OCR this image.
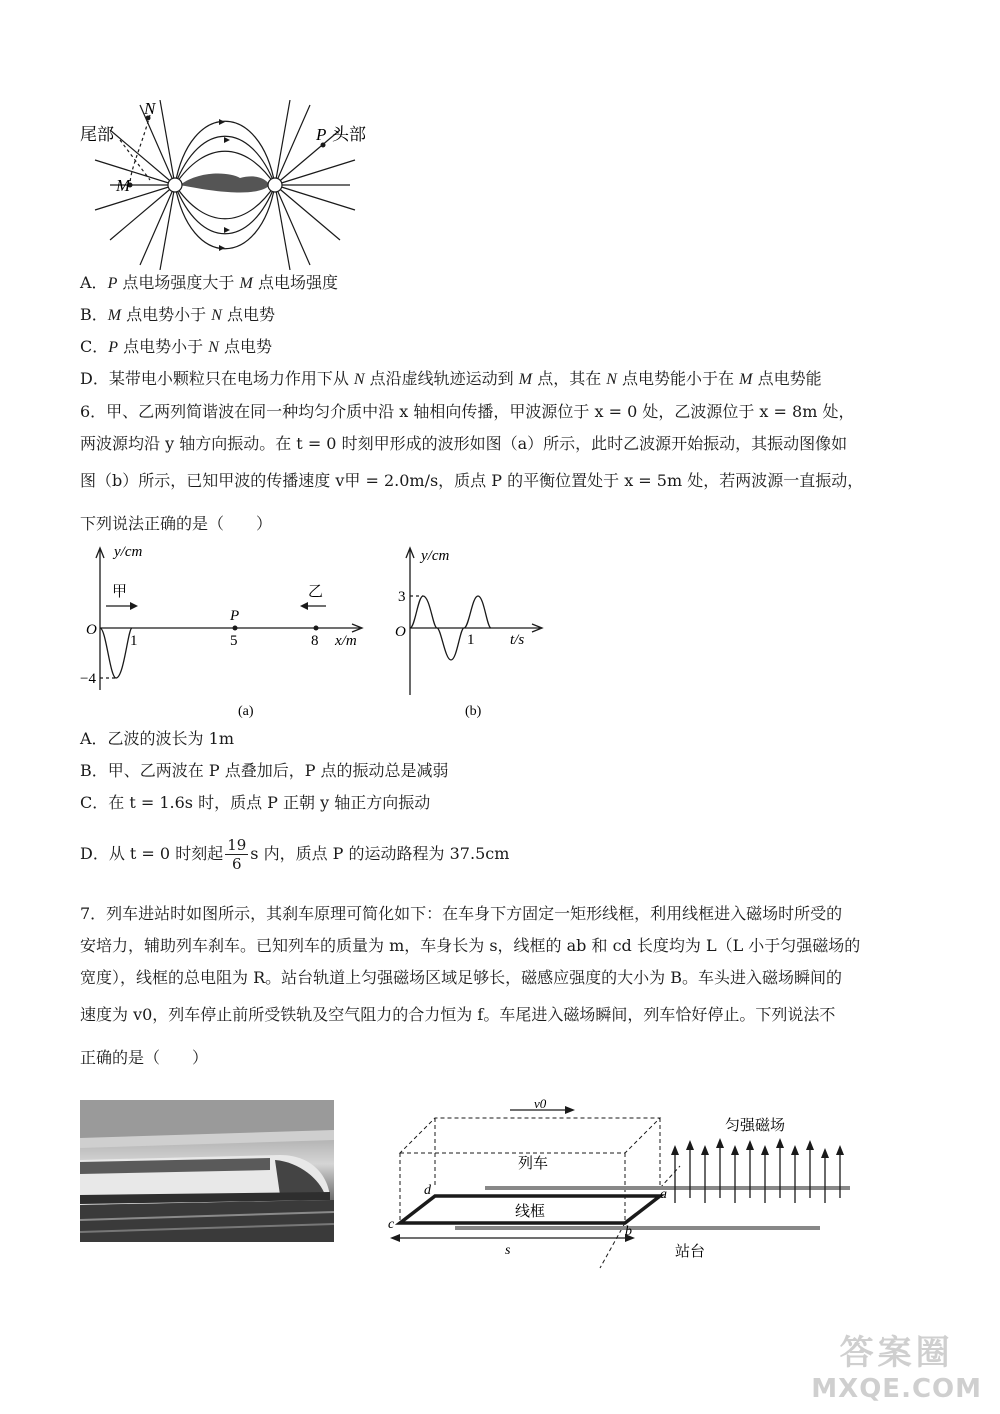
尾部
N
M
P 头部
A．P 点电场强度大于 M 点电场强度
B．M 点电势小于 N 点电势
C．P 点电势小于 N 点电势
D．某带电小颗粒只在电场力作用下从 N 点沿虚线轨迹运动到 M 点，其在 N 点电势能小于在 M 点电势能
6．甲、乙两列简谐波在同一种均匀介质中沿 x 轴相向传播，甲波源位于 x = 0 处，乙波源位于 x = 8m 处，
两波源均沿 y 轴方向振动。在 t = 0 时刻甲形成的波形如图（a）所示，此时乙波源开始振动，其振动图像如
图（b）所示，已知甲波的传播速度 v甲 = 2.0m/s，质点 P 的平衡位置处于 x = 5m 处，若两波源一直振动，
下列说法正确的是（　　）
y/cm
x/m
O
甲	乙
P
1	5	8
−4
(a)
y/cm
t/s
O
3
1
(b)
A．乙波的波长为 1m
B．甲、乙两波在 P 点叠加后，P 点的振动总是减弱
C．在 t = 1.6s 时，质点 P 正朝 y 轴正方向振动
D．从 t = 0 时刻起 $\frac{19}{6}$ s 内，质点 P 的运动路程为 37.5cm
7．列车进站时如图所示，其刹车原理可简化如下：在车身下方固定一矩形线框，利用线框进入磁场时所受的
安培力，辅助列车刹车。已知列车的质量为 m，车身长为 s，线框的 ab 和 cd 长度均为 L（L 小于匀强磁场的
宽度），线框的总电阻为 R。站台轨道上匀强磁场区域足够长，磁感应强度的大小为 B。车头进入磁场瞬间的
速度为 v0，列车停止前所受铁轨及空气阻力的合力恒为 f。车尾进入磁场瞬间，列车恰好停止。下列说法不
正确的是（　　）
v0
列车
线框
匀强磁场
站台
a
b
c
d
s
答案圈
MXQE.COM
